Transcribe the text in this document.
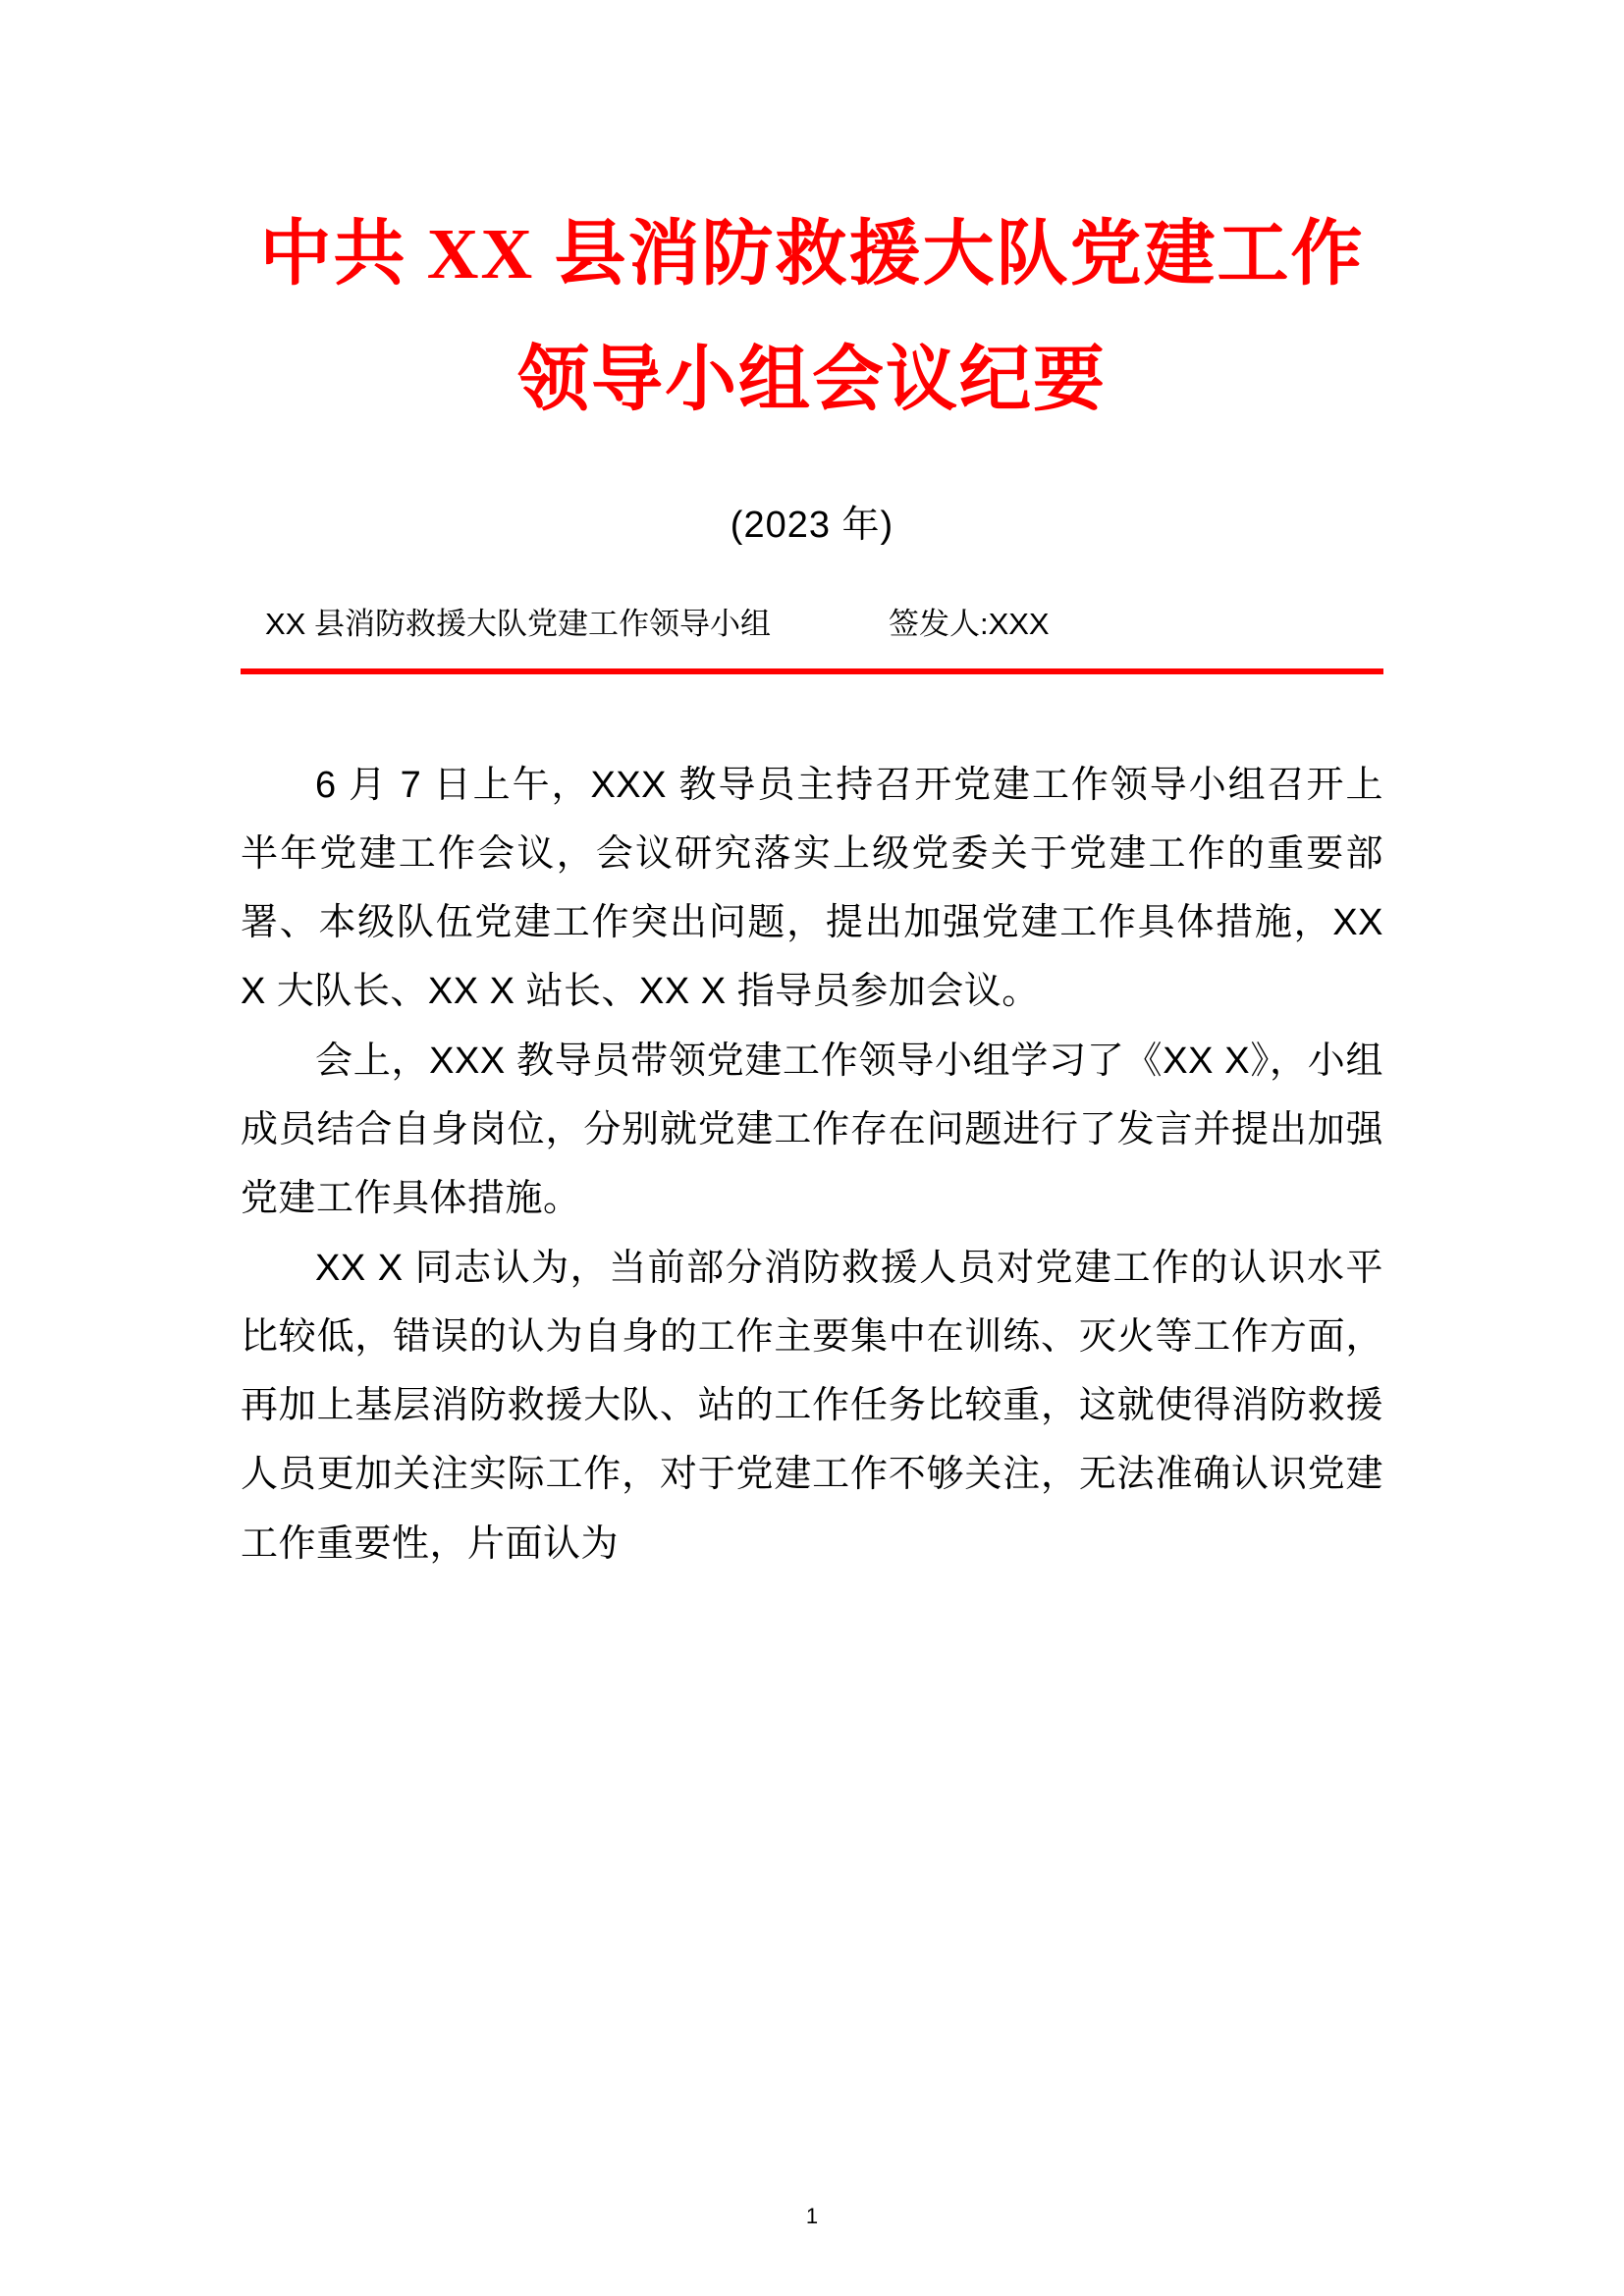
中共 XX 县消防救援大队党建工作领导小组会议纪要
(2023 年)
XX 县消防救援大队党建工作领导小组	签发人:XXX

6 月 7 日上午，XXX 教导员主持召开党建工作领导小组召开上半年党建工作会议，会议研究落实上级党委关于党建工作的重要部署、本级队伍党建工作突出问题，提出加强党建工作具体措施，XX X 大队长、XX X 站长、XX X 指导员参加会议。

会上，XXX 教导员带领党建工作领导小组学习了《XX X》，小组成员结合自身岗位，分别就党建工作存在问题进行了发言并提出加强党建工作具体措施。

XX X 同志认为，当前部分消防救援人员对党建工作的认识水平比较低，错误的认为自身的工作主要集中在训练、灭火等工作方面，再加上基层消防救援大队、站的工作任务比较重，这就使得消防救援人员更加关注实际工作，对于党建工作不够关注，无法准确认识党建工作重要性，片面认为

1
